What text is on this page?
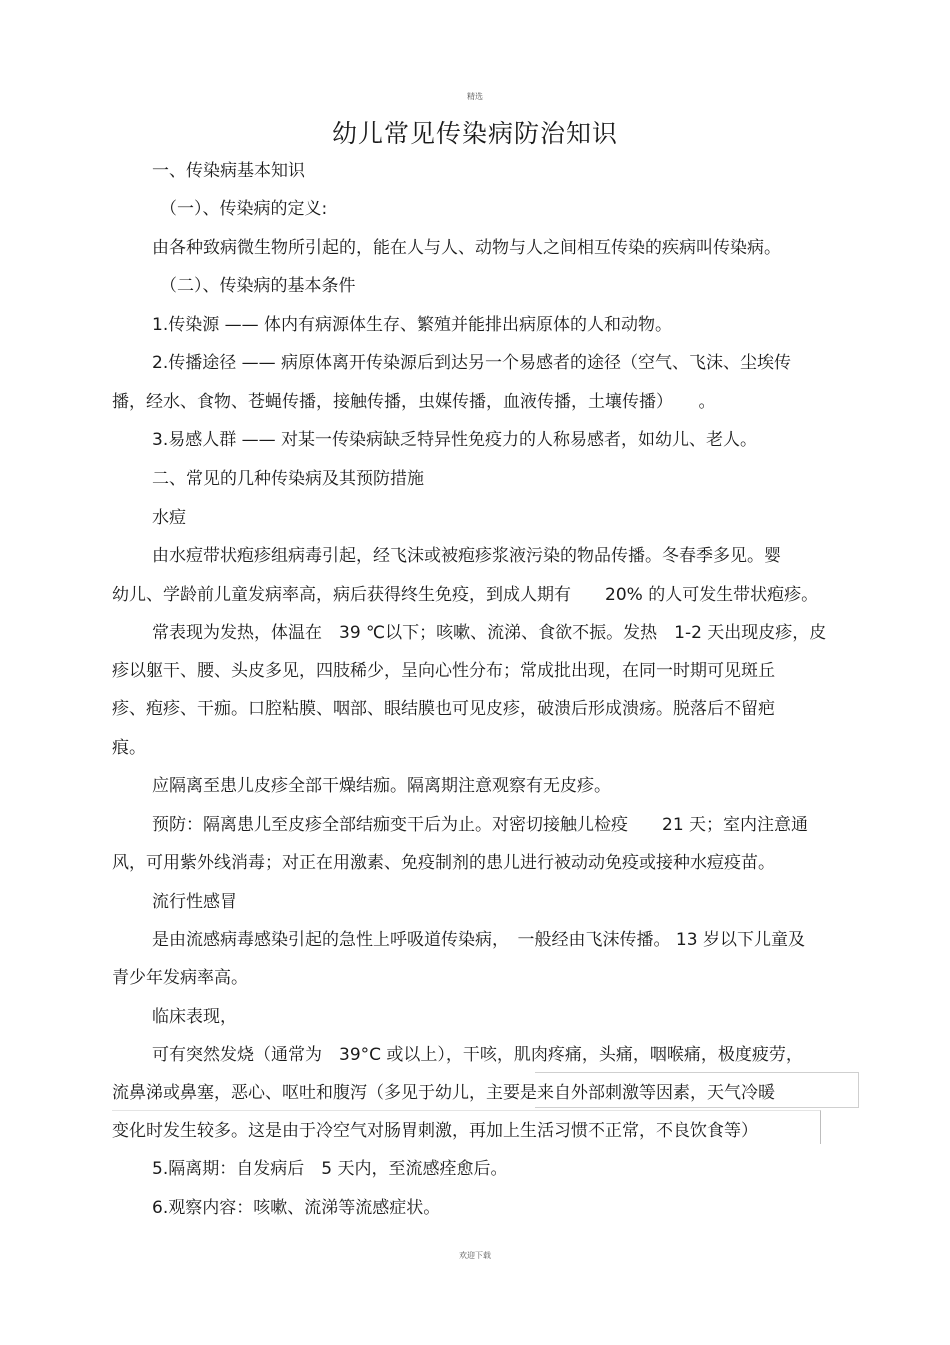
精选
幼儿常见传染病防治知识
一、传染病基本知识
（一）、传染病的定义:
由各种致病微生物所引起的，能在人与人、动物与人之间相互传染的疾病叫传染病。
（二）、传染病的基本条件
1.传染源 —— 体内有病源体生存、繁殖并能排出病原体的人和动物。
2.传播途径 —— 病原体离开传染源后到达另一个易感者的途径（空气、飞沫、尘埃传
播，经水、食物、苍蝇传播，接触传播，虫媒传播，血液传播，土壤传播）　　。
3.易感人群 —— 对某一传染病缺乏特异性免疫力的人称易感者，如幼儿、老人。
二、常见的几种传染病及其预防措施
水痘
由水痘带状疱疹组病毒引起，经飞沫或被疱疹浆液污染的物品传播。冬春季多见。婴
幼儿、学龄前儿童发病率高，病后获得终生免疫，到成人期有　　20% 的人可发生带状疱疹。
常表现为发热，体温在　39 ℃以下；咳嗽、流涕、食欲不振。发热　1-2 天出现皮疹，皮
疹以躯干、腰、头皮多见，四肢稀少，呈向心性分布；常成批出现，在同一时期可见斑丘
疹、疱疹、干痂。口腔粘膜、咽部、眼结膜也可见皮疹，破溃后形成溃疡。脱落后不留疤
痕。
应隔离至患儿皮疹全部干燥结痂。隔离期注意观察有无皮疹。
预防：隔离患儿至皮疹全部结痂变干后为止。对密切接触儿检疫　　21 天；室内注意通
风，可用紫外线消毒；对正在用激素、免疫制剂的患儿进行被动动免疫或接种水痘疫苗。
流行性感冒
是由流感病毒感染引起的急性上呼吸道传染病，　一般经由飞沫传播。 13 岁以下儿童及
青少年发病率高。
临床表现，
可有突然发烧（通常为　39°C 或以上），干咳，肌肉疼痛，头痛，咽喉痛，极度疲劳，
流鼻涕或鼻塞，恶心、呕吐和腹泻（多见于幼儿，主要是来自外部刺激等因素，天气冷暖
变化时发生较多。这是由于冷空气对肠胃刺激，再加上生活习惯不正常，不良饮食等）
5.隔离期：自发病后　5 天内，至流感痊愈后。
6.观察内容：咳嗽、流涕等流感症状。
欢迎下载
